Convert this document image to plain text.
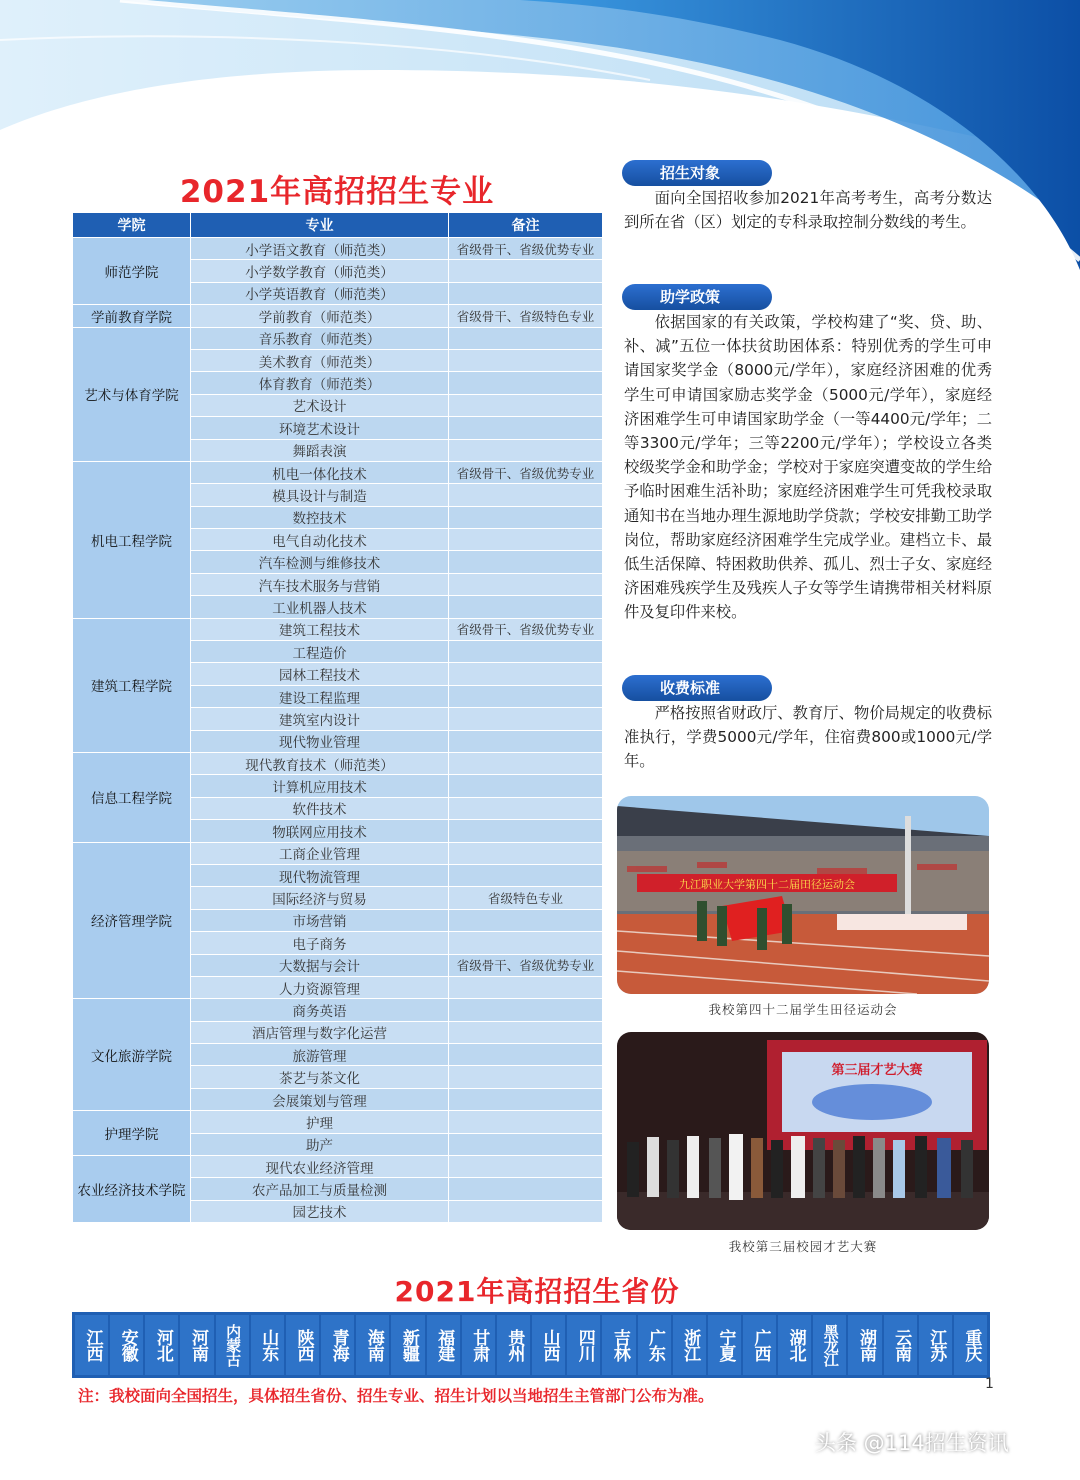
2021年高招招生专业
学院	专业	备注
师范学院	小学语文教育（师范类）	省级骨干、省级优势专业
	小学数学教育（师范类）	
	小学英语教育（师范类）	
学前教育学院	学前教育（师范类）	省级骨干、省级特色专业
艺术与体育学院	音乐教育（师范类）	
	美术教育（师范类）	
	体育教育（师范类）	
	艺术设计	
	环境艺术设计	
	舞蹈表演	
机电工程学院	机电一体化技术	省级骨干、省级优势专业
	模具设计与制造	
	数控技术	
	电气自动化技术	
	汽车检测与维修技术	
	汽车技术服务与营销	
	工业机器人技术	
建筑工程学院	建筑工程技术	省级骨干、省级优势专业
	工程造价	
	园林工程技术	
	建设工程监理	
	建筑室内设计	
	现代物业管理	
信息工程学院	现代教育技术（师范类）	
	计算机应用技术	
	软件技术	
	物联网应用技术	
经济管理学院	工商企业管理	
	现代物流管理	
	国际经济与贸易	省级特色专业
	市场营销	
	电子商务	
	大数据与会计	省级骨干、省级优势专业
	人力资源管理	
文化旅游学院	商务英语	
	酒店管理与数字化运营	
	旅游管理	
	茶艺与茶文化	
	会展策划与管理	
护理学院	护理	
	助产	
农业经济技术学院	现代农业经济管理	
	农产品加工与质量检测	
	园艺技术	
招生对象
面向全国招收参加2021年高考考生，高考分数达到所在省（区）划定的专科录取控制分数线的考生。
助学政策
依据国家的有关政策，学校构建了“奖、贷、助、补、减”五位一体扶贫助困体系：特别优秀的学生可申请国家奖学金（8000元/学年），家庭经济困难的优秀学生可申请国家励志奖学金（5000元/学年），家庭经济困难学生可申请国家助学金（一等4400元/学年；二等3300元/学年；三等2200元/学年）；学校设立各类校级奖学金和助学金；学校对于家庭突遭变故的学生给予临时困难生活补助；家庭经济困难学生可凭我校录取通知书在当地办理生源地助学贷款；学校安排勤工助学岗位，帮助家庭经济困难学生完成学业。建档立卡、最低生活保障、特困救助供养、孤儿、烈士子女、家庭经济困难残疾学生及残疾人子女等学生请携带相关材料原件及复印件来校。
收费标准
严格按照省财政厅、教育厅、物价局规定的收费标准执行，学费5000元/学年，住宿费800或1000元/学年。
九江职业大学第四十二届田径运动会
我校第四十二届学生田径运动会
第三届才艺大赛
我校第三届校园才艺大赛
2021年高招招生省份
江西 安徽 河北 河南	内蒙古 山东 陕西 青海 海南 新疆 福建 甘肃 贵州 山西 四川 吉林 广东 浙江 宁夏 广西 湖北	黑龙江 湖南 云南 江苏 重庆
注：我校面向全国招生，具体招生省份、招生专业、招生计划以当地招生主管部门公布为准。
1
头条 @114招生资讯
